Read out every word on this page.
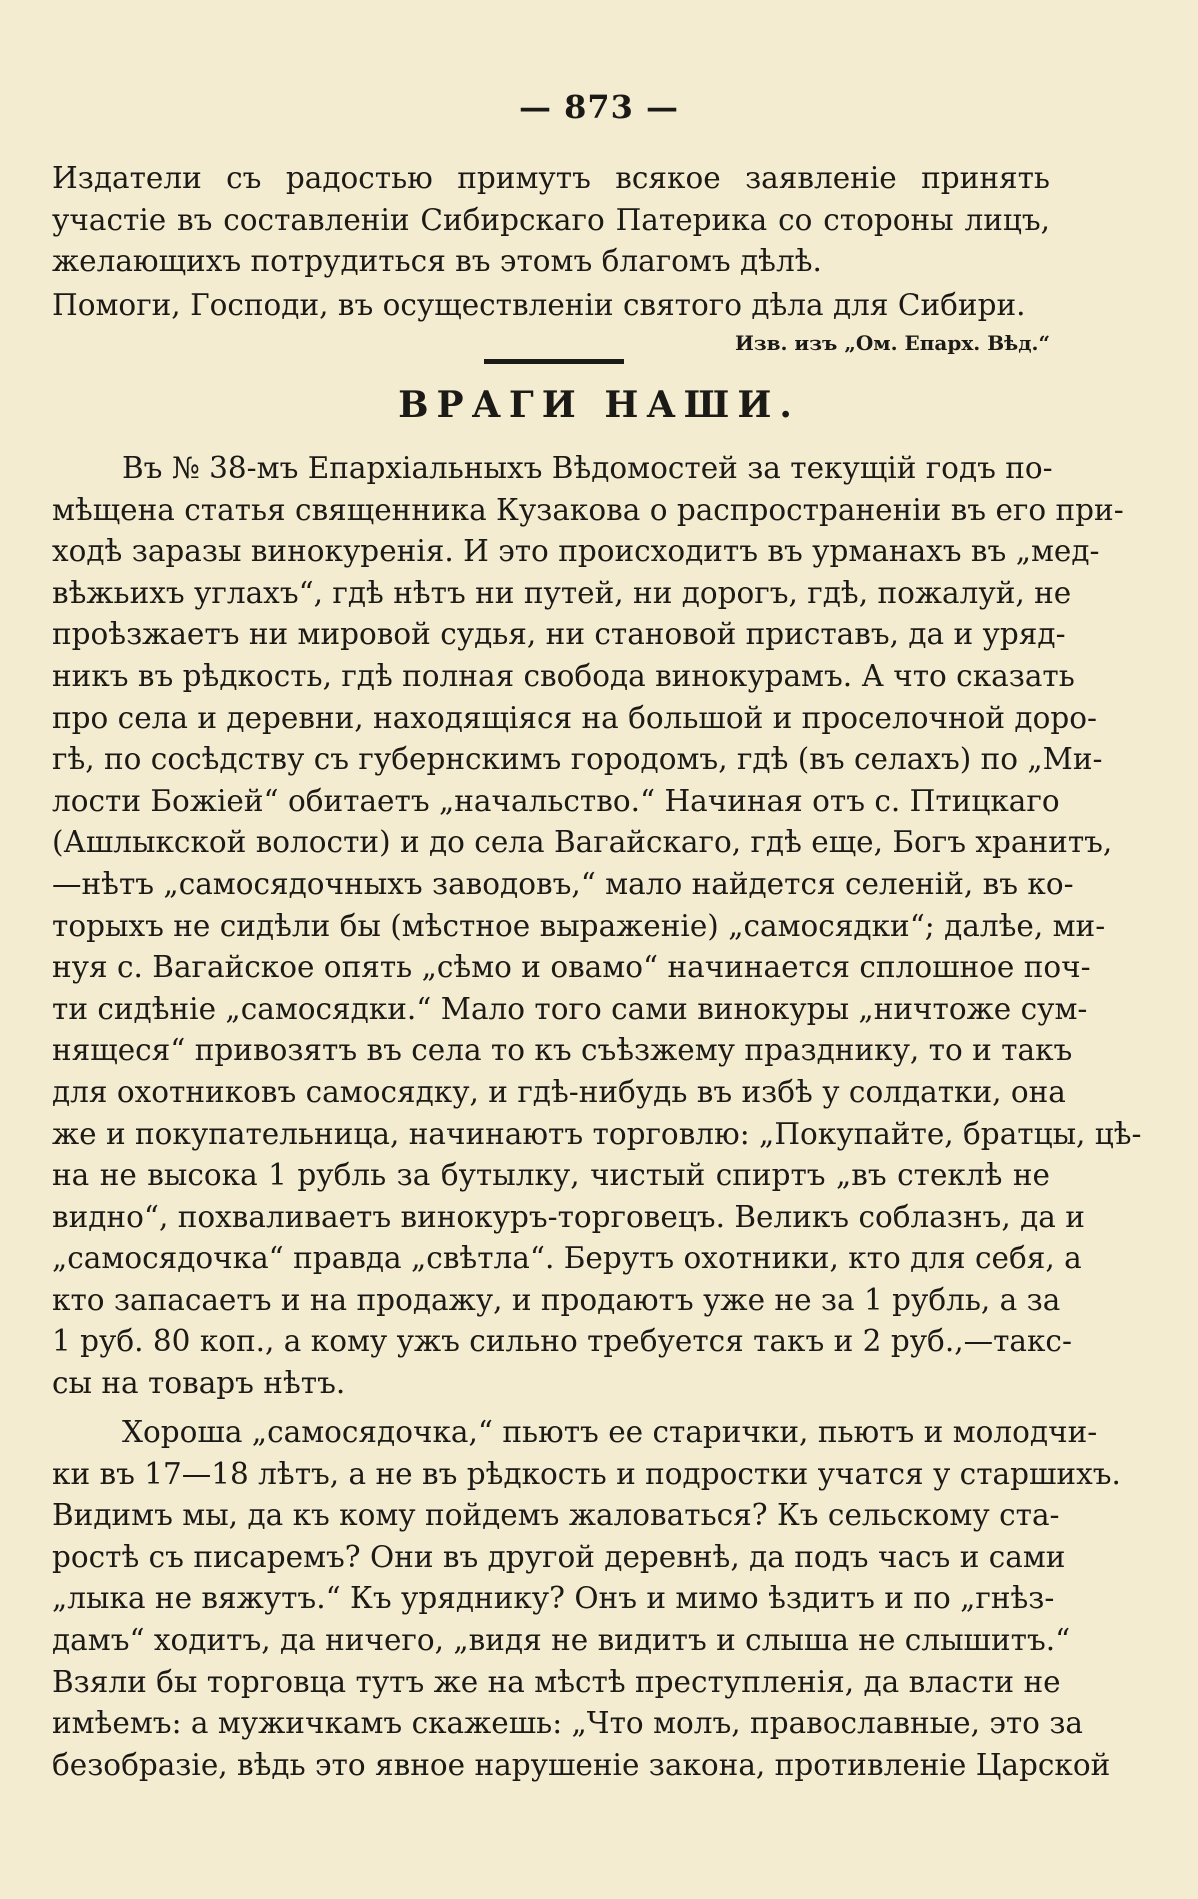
— 873 —

Издатели съ радостью примутъ всякое заявленіе принять участіе въ составленіи Сибирскаго Патерика со стороны лицъ, желающихъ потрудиться въ этомъ благомъ дѣлѣ.

Помоги, Господи, въ осуществленіи святого дѣла для Сибири.

Изв. изъ „Ом. Епарх. Вѣд.“
ВРАГИ НАШИ.
Въ № 38-мъ Епархіальныхъ Вѣдомостей за текущій годъ по-
мѣщена статья священника Кузакова о распространеніи въ его при-
ходѣ заразы винокуренія. И это происходитъ въ урманахъ въ „мед-
вѣжьихъ углахъ“, гдѣ нѣтъ ни путей, ни дорогъ, гдѣ, пожалуй, не
проѣзжаетъ ни мировой судья, ни становой приставъ, да и уряд-
никъ въ рѣдкость, гдѣ полная свобода винокурамъ. А что сказать
про села и деревни, находящіяся на большой и проселочной доро-
гѣ, по сосѣдству съ губернскимъ городомъ, гдѣ (въ селахъ) по „Ми-
лости Божіей“ обитаетъ „начальство.“ Начиная отъ с. Птицкаго
(Ашлыкской волости) и до села Вагайскаго, гдѣ еще, Богъ хранитъ,
—нѣтъ „самосядочныхъ заводовъ,“ мало найдется селеній, въ ко-
торыхъ не сидѣли бы (мѣстное выраженіе) „самосядки“; далѣе, ми-
нуя с. Вагайское опять „сѣмо и овамо“ начинается сплошное поч-
ти сидѣніе „самосядки.“ Мало того сами винокуры „ничтоже сум-
нящеся“ привозятъ въ села то къ съѣзжему празднику, то и такъ
для охотниковъ самосядку, и гдѣ-нибудь въ избѣ у солдатки, она
же и покупательница, начинаютъ торговлю: „Покупайте, братцы, цѣ-
на не высока 1 рубль за бутылку, чистый спиртъ „въ стеклѣ не
видно“, похваливаетъ винокуръ-торговецъ. Великъ соблазнъ, да и
„самосядочка“ правда „свѣтла“. Берутъ охотники, кто для себя, а
кто запасаетъ и на продажу, и продаютъ уже не за 1 рубль, а за
1 руб. 80 коп., а кому ужъ сильно требуется такъ и 2 руб.,—такс-
сы на товаръ нѣтъ.
Хороша „самосядочка,“ пьютъ ее старички, пьютъ и молодчи-
ки въ 17—18 лѣтъ, а не въ рѣдкость и подростки учатся у старшихъ.
Видимъ мы, да къ кому пойдемъ жаловаться? Къ сельскому ста-
ростѣ съ писаремъ? Они въ другой деревнѣ, да подъ часъ и сами
„лыка не вяжутъ.“ Къ уряднику? Онъ и мимо ѣздитъ и по „гнѣз-
дамъ“ ходитъ, да ничего, „видя не видитъ и слыша не слышитъ.“
Взяли бы торговца тутъ же на мѣстѣ преступленія, да власти не
имѣемъ: а мужичкамъ скажешь: „Что молъ, православные, это за
безобразіе, вѣдь это явное нарушеніе закона, противленіе Царской
